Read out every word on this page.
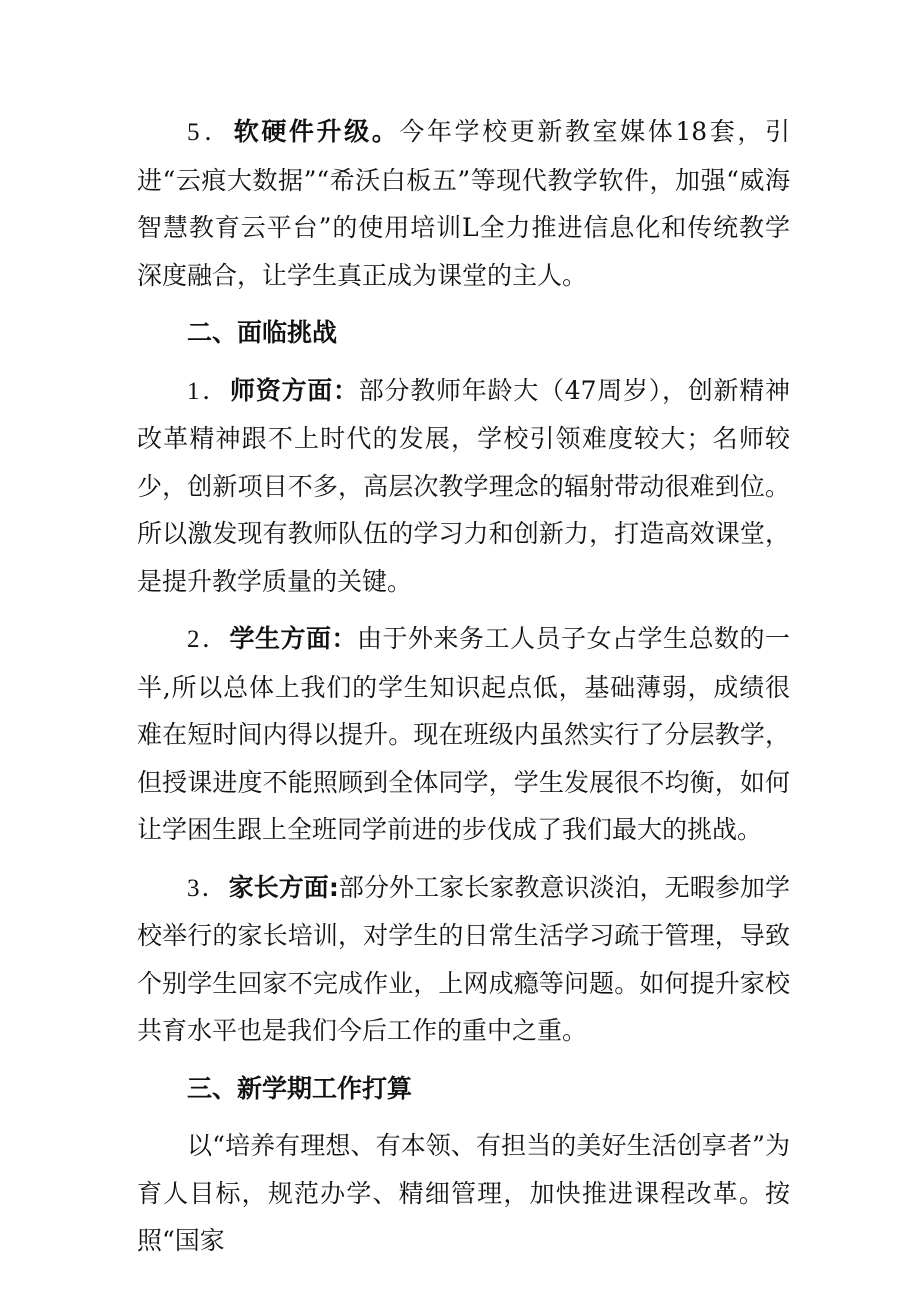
5．软硬件升级。今年学校更新教室媒体18套，引进“云痕大数据”“希沃白板五”等现代教学软件，加强“威海智慧教育云平台”的使用培训L全力推进信息化和传统教学深度融合，让学生真正成为课堂的主人。

二、面临挑战

1．师资方面：部分教师年龄大（47周岁），创新精神改革精神跟不上时代的发展，学校引领难度较大；名师较少，创新项目不多，高层次教学理念的辐射带动很难到位。所以激发现有教师队伍的学习力和创新力，打造高效课堂，是提升教学质量的关键。

2．学生方面：由于外来务工人员子女占学生总数的一半,所以总体上我们的学生知识起点低，基础薄弱，成绩很难在短时间内得以提升。现在班级内虽然实行了分层教学，但授课进度不能照顾到全体同学，学生发展很不均衡，如何让学困生跟上全班同学前进的步伐成了我们最大的挑战。

3．家长方面:部分外工家长家教意识淡泊，无暇参加学校举行的家长培训，对学生的日常生活学习疏于管理，导致个别学生回家不完成作业，上网成瘾等问题。如何提升家校共育水平也是我们今后工作的重中之重。

三、新学期工作打算

以“培养有理想、有本领、有担当的美好生活创享者”为育人目标，规范办学、精细管理，加快推进课程改革。按照“国家
